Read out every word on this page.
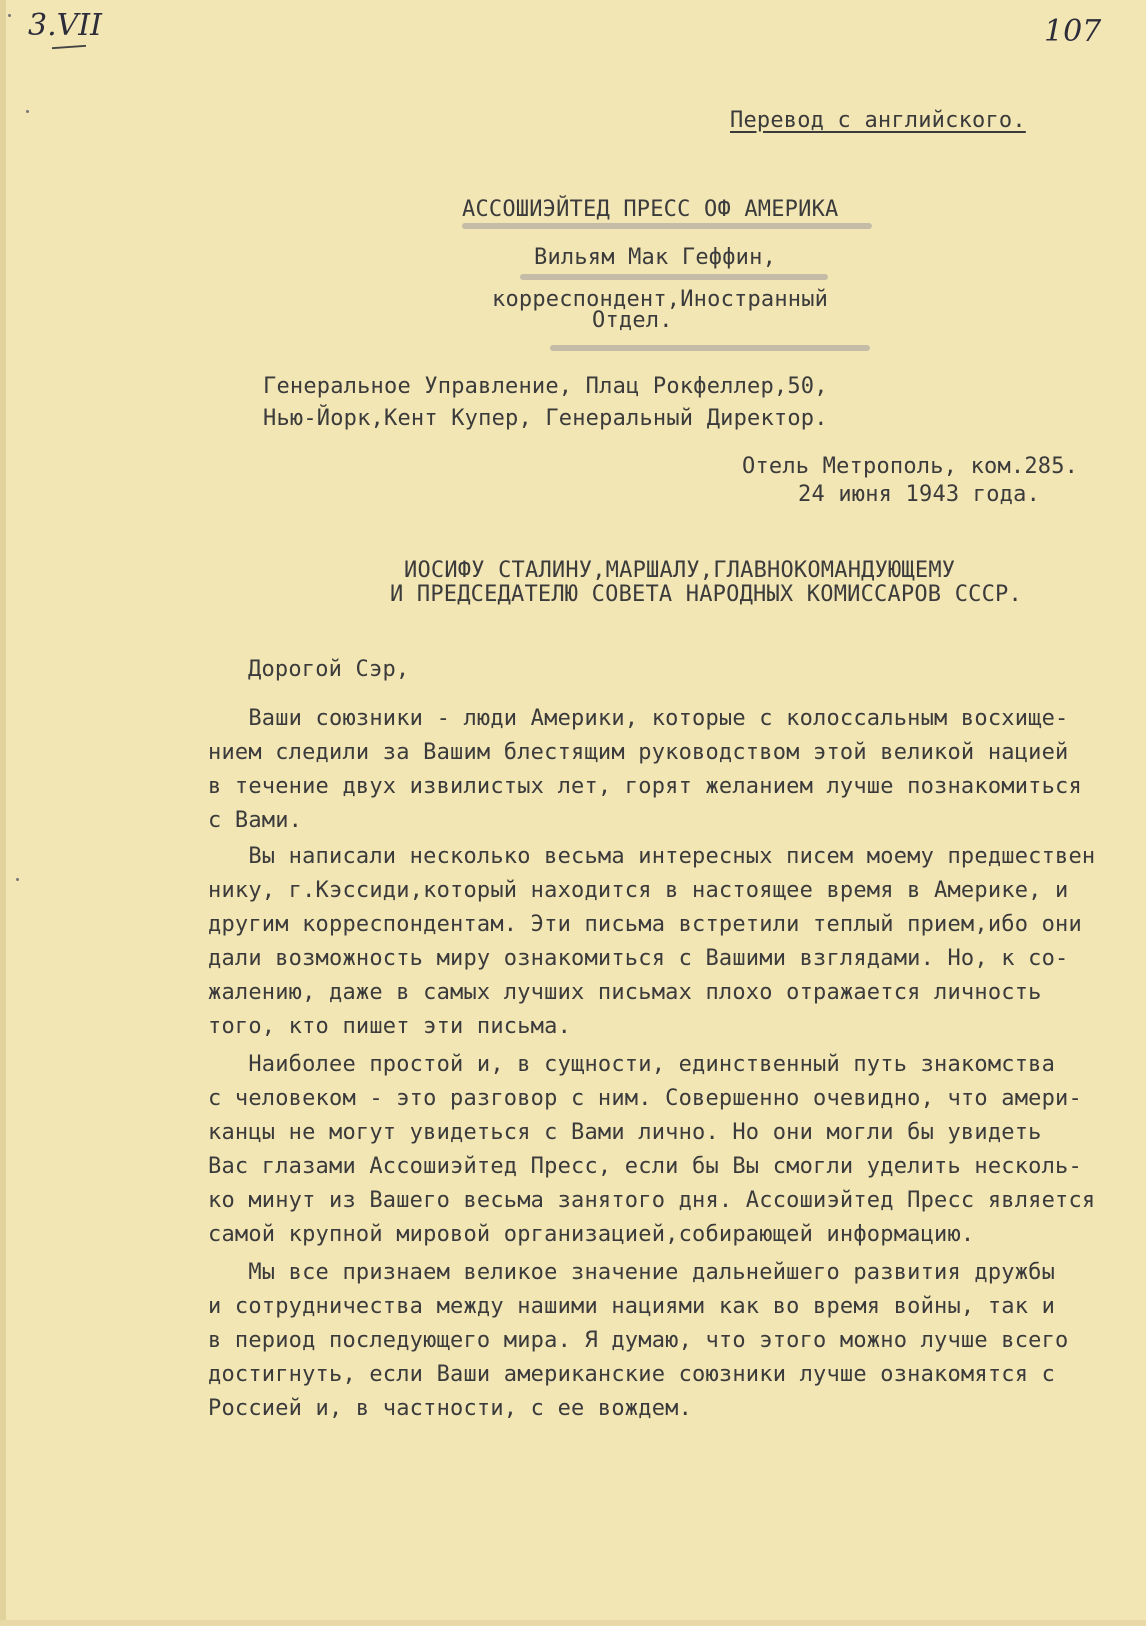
3.VII	107
Перевод с английского.
АССОШИЭЙТЕД ПРЕСС ОФ АМЕРИКА
Вильям Мак Геффин,
корреспондент,Иностранный
Отдел.
Генеральное Управление, Плац Рокфеллер,50,
Нью-Йорк,Кент Купер, Генеральный Директор.
Отель Метрополь, ком.285.
24 июня 1943 года.
ИОСИФУ СТАЛИНУ,МАРШАЛУ,ГЛАВНОКОМАНДУЮЩЕМУ
И ПРЕДСЕДАТЕЛЮ СОВЕТА НАРОДНЫХ КОМИССАРОВ СССР.
Дорогой Сэр,
Ваши союзники - люди Америки, которые с колоссальным восхище-
нием следили за Вашим блестящим руководством этой великой нацией
в течение двух извилистых лет, горят желанием лучше познакомиться
с Вами.
Вы написали несколько весьма интересных писем моему предшествен
нику, г.Кэссиди,который находится в настоящее время в Америке, и
другим корреспондентам. Эти письма встретили теплый прием,ибо они
дали возможность миру ознакомиться с Вашими взглядами. Но, к со-
жалению, даже в самых лучших письмах плохо отражается личность
того, кто пишет эти письма.
Наиболее простой и, в сущности, единственный путь знакомства
с человеком - это разговор с ним. Совершенно очевидно, что амери-
канцы не могут увидеться с Вами лично. Но они могли бы увидеть
Вас глазами Ассошиэйтед Пресс, если бы Вы смогли уделить несколь-
ко минут из Вашего весьма занятого дня. Ассошиэйтед Пресс является
самой крупной мировой организацией,собирающей информацию.
Мы все признаем великое значение дальнейшего развития дружбы
и сотрудничества между нашими нациями как во время войны, так и
в период последующего мира. Я думаю, что этого можно лучше всего
достигнуть, если Ваши американские союзники лучше ознакомятся с
Россией и, в частности, с ее вождем.
